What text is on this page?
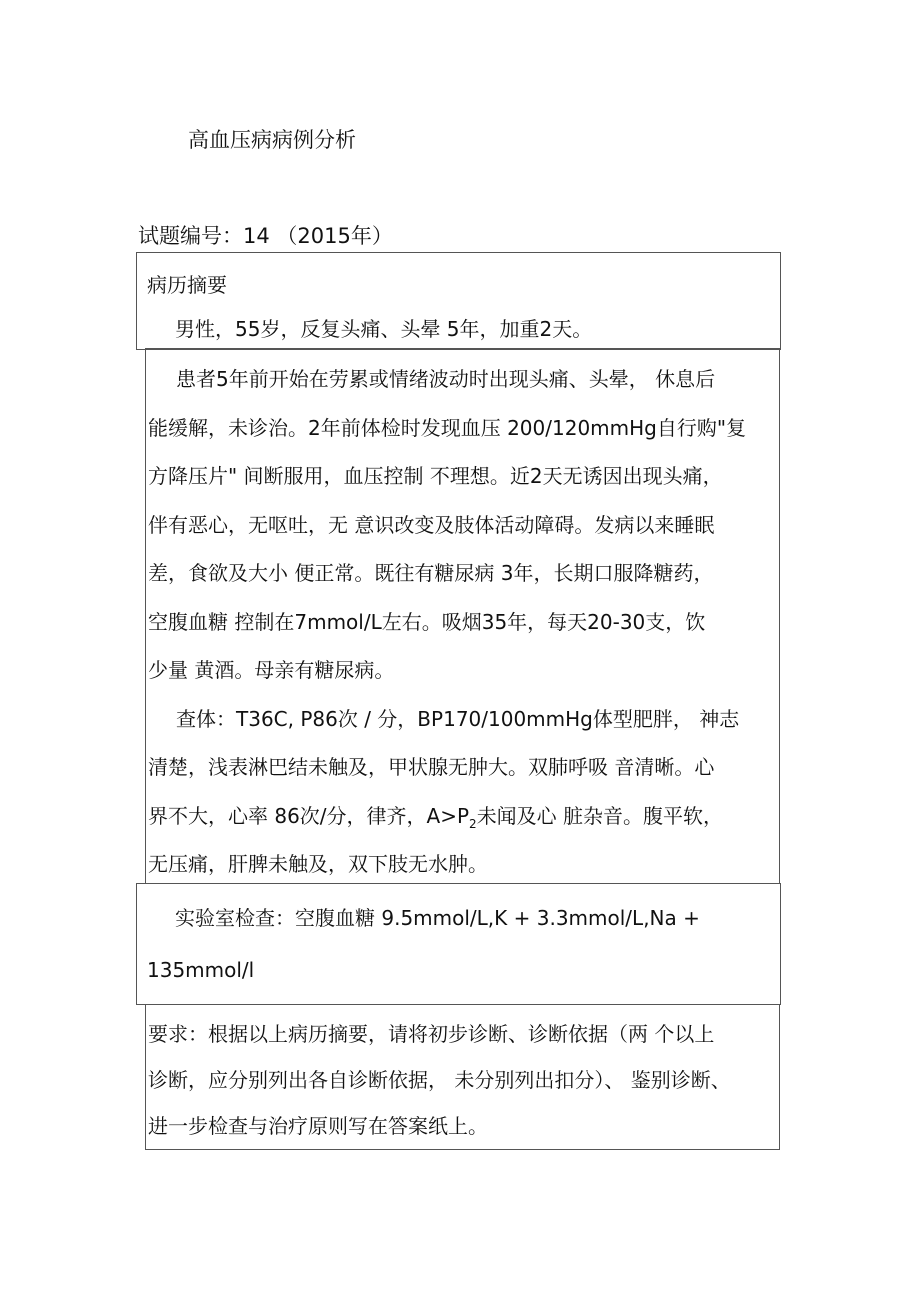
高血压病病例分析
试题编号：14 （2015年）
病历摘要
男性，55岁，反复头痛、头晕 5年，加重2天。
患者5年前开始在劳累或情绪波动时出现头痛、头晕， 休息后
能缓解，未诊治。2年前体检时发现血压 200/120mmHg自行购"复
方降压片" 间断服用，血压控制 不理想。近2天无诱因出现头痛，
伴有恶心，无呕吐，无 意识改变及肢体活动障碍。发病以来睡眠
差，食欲及大小 便正常。既往有糖尿病 3年，长期口服降糖药，
空腹血糖 控制在7mmol/L左右。吸烟35年，每天20-30支，饮
少量 黄酒。母亲有糖尿病。
查体：T36C, P86次 / 分，BP170/100mmHg体型肥胖， 神志
清楚，浅表淋巴结未触及，甲状腺无肿大。双肺呼吸 音清晰。心
界不大，心率 86次/分，律齐，$A>P_2$未闻及心 脏杂音。腹平软，
无压痛，肝脾未触及，双下肢无水肿。
实验室检查：空腹血糖 9.5mmol/L,K + 3.3mmol/L,Na +
135mmol/l
要求：根据以上病历摘要，请将初步诊断、诊断依据（两 个以上
诊断，应分别列出各自诊断依据， 未分别列出扣分）、 鉴别诊断、
进一步检查与治疗原则写在答案纸上。
